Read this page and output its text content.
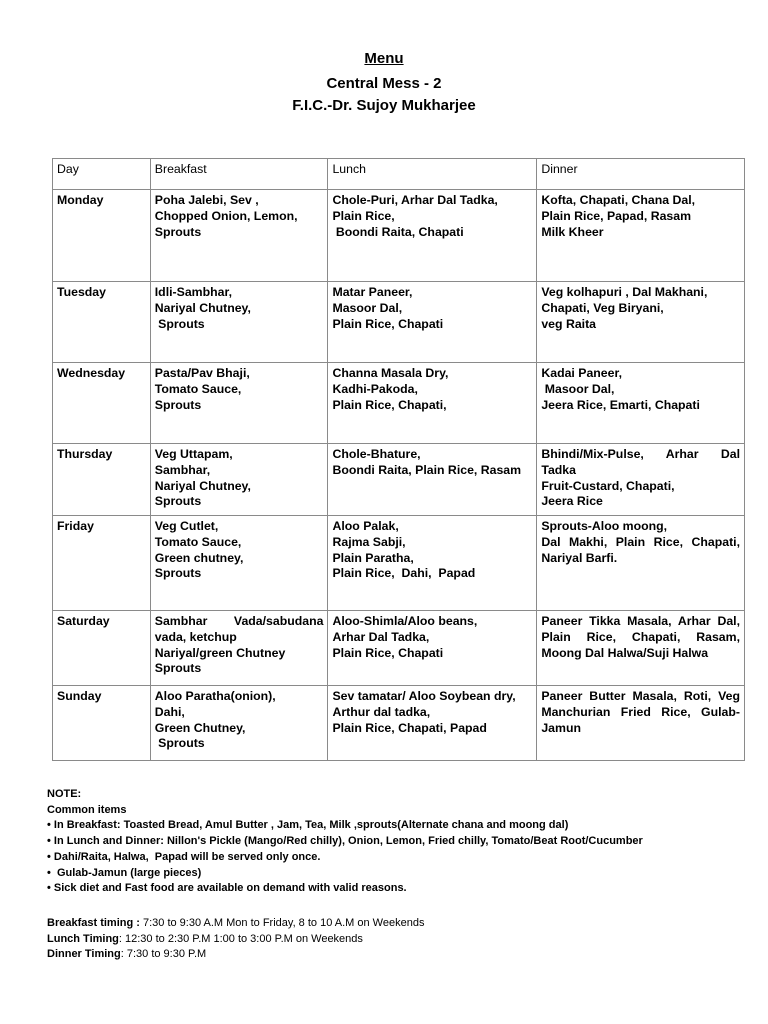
Menu
Central Mess - 2
F.I.C.-Dr. Sujoy Mukharjee
Day	Breakfast	Lunch	Dinner
Monday	Poha Jalebi, Sev ,
Chopped Onion, Lemon,
Sprouts	Chole-Puri, Arhar Dal Tadka,
Plain Rice,
Boondi Raita, Chapati	Kofta, Chapati, Chana Dal,
Plain Rice, Papad, Rasam
Milk Kheer

Tuesday	Idli-Sambhar,
Nariyal Chutney,
Sprouts	Matar Paneer,
Masoor Dal,
Plain Rice, Chapati	Veg kolhapuri , Dal Makhani,
Chapati, Veg Biryani,
veg Raita

Wednesday	Pasta/Pav Bhaji,
Tomato Sauce,
Sprouts	Channa Masala Dry,
Kadhi-Pakoda,
Plain Rice, Chapati,	Kadai Paneer,
Masoor Dal,
Jeera Rice, Emarti, Chapati

Thursday	Veg Uttapam,
Sambhar,
Nariyal Chutney,
Sprouts	Chole-Bhature,
Boondi Raita, Plain Rice, Rasam	Bhindi/Mix-Pulse, Arhar Dal Tadka
Fruit-Custard, Chapati,
Jeera Rice

Friday	Veg Cutlet,
Tomato Sauce,
Green chutney,
Sprouts	Aloo Palak,
Rajma Sabji,
Plain Paratha,
Plain Rice,  Dahi,  Papad	Sprouts-Aloo moong,
Dal Makhi, Plain Rice, Chapati, Nariyal Barfi.

Saturday	Sambhar Vada/sabudana vada, ketchup
Nariyal/green Chutney
Sprouts	Aloo-Shimla/Aloo beans,
Arhar Dal Tadka,
Plain Rice, Chapati	Paneer Tikka Masala, Arhar Dal, Plain Rice, Chapati, Rasam, Moong Dal Halwa/Suji Halwa

Sunday	Aloo Paratha(onion),
Dahi,
Green Chutney,
Sprouts	Sev tamatar/ Aloo Soybean dry,
Arthur dal tadka,
Plain Rice, Chapati, Papad	Paneer Butter Masala, Roti, Veg Manchurian Fried Rice, Gulab-Jamun
NOTE:
Common items
• In Breakfast: Toasted Bread, Amul Butter , Jam, Tea, Milk ,sprouts(Alternate chana and moong dal)
• In Lunch and Dinner: Nillon's Pickle (Mango/Red chilly), Onion, Lemon, Fried chilly, Tomato/Beat Root/Cucumber
• Dahi/Raita, Halwa,  Papad will be served only once.
•  Gulab-Jamun (large pieces)
• Sick diet and Fast food are available on demand with valid reasons.
Breakfast timing : 7:30 to 9:30 A.M Mon to Friday, 8 to 10 A.M on Weekends
Lunch Timing: 12:30 to 2:30 P.M 1:00 to 3:00 P.M on Weekends
Dinner Timing: 7:30 to 9:30 P.M
